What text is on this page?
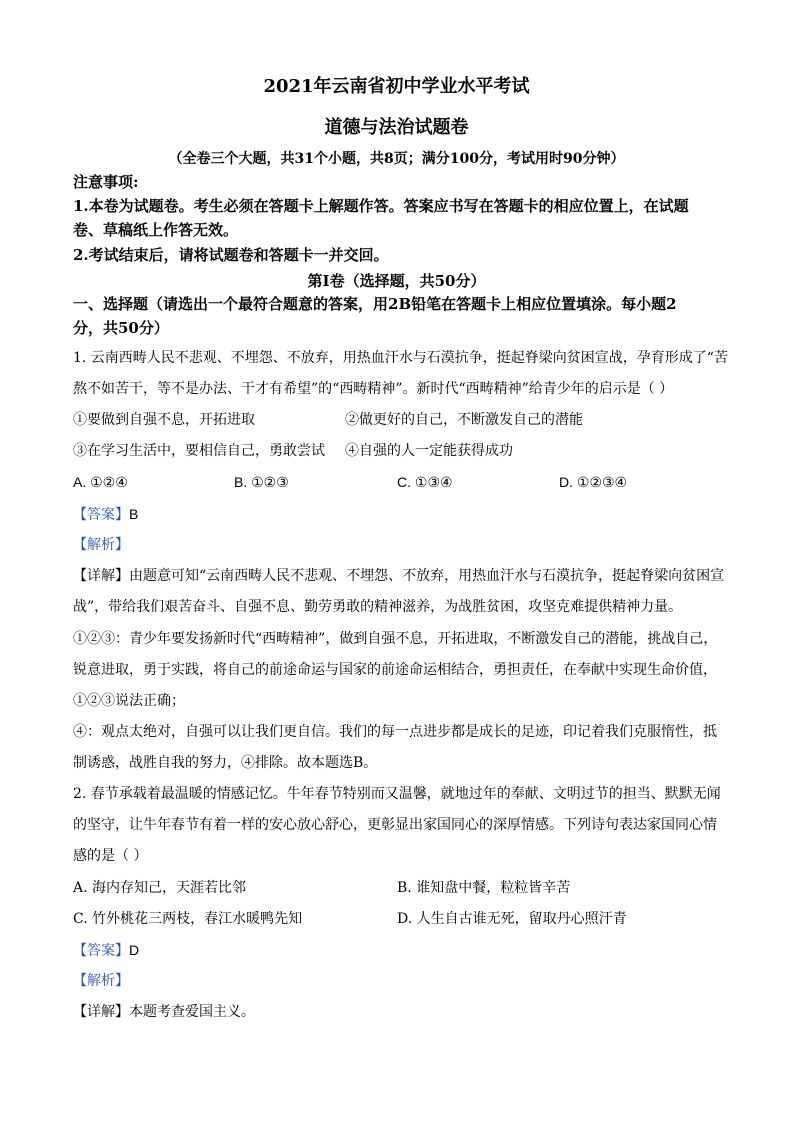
2021年云南省初中学业水平考试
道德与法治试题卷
（全卷三个大题，共31个小题，共8页；满分100分，考试用时90分钟）
注意事项:
1.本卷为试题卷。考生必须在答题卡上解题作答。答案应书写在答题卡的相应位置上，在试题
卷、草稿纸上作答无效。
2.考试结束后，请将试题卷和答题卡一并交回。
第Ⅰ卷（选择题，共50分）
一、选择题（请选出一个最符合题意的答案，用2B铅笔在答题卡上相应位置填涂。每小题2
分，共50分）
1. 云南西畴人民不悲观、不埋怨、不放弃，用热血汗水与石漠抗争，挺起脊梁向贫困宣战，孕育形成了“苦
熬不如苦干，等不是办法、干才有希望”的“西畴精神”。新时代“西畴精神”给青少年的启示是（ ）
①要做到自强不息，开拓进取	②做更好的自己，不断激发自己的潜能
③在学习生活中，要相信自己，勇敢尝试 ④自强的人一定能获得成功
A. ①②④	B. ①②③	C. ①③④	D. ①②③④
【答案】B
【解析】
【详解】由题意可知“云南西畴人民不悲观、不埋怨、不放弃，用热血汗水与石漠抗争，挺起脊梁向贫困宣
战”，带给我们艰苦奋斗、自强不息、勤劳勇敢的精神滋养，为战胜贫困，攻坚克难提供精神力量。
①②③：青少年要发扬新时代“西畴精神”，做到自强不息，开拓进取，不断激发自己的潜能，挑战自己，
锐意进取，勇于实践，将自己的前途命运与国家的前途命运相结合，勇担责任，在奉献中实现生命价值，
①②③说法正确；
④：观点太绝对，自强可以让我们更自信。我们的每一点进步都是成长的足迹，印记着我们克服惰性，抵
制诱惑，战胜自我的努力，④排除。故本题选B。
2. 春节承载着最温暖的情感记忆。牛年春节特别而又温馨，就地过年的奉献、文明过节的担当、默默无闻
的坚守，让牛年春节有着一样的安心放心舒心，更彰显出家国同心的深厚情感。下列诗句表达家国同心情
感的是（ ）
A. 海内存知己，天涯若比邻	B. 谁知盘中餐，粒粒皆辛苦
C. 竹外桃花三两枝，春江水暖鸭先知	D. 人生自古谁无死，留取丹心照汗青
【答案】D
【解析】
【详解】本题考查爱国主义。
